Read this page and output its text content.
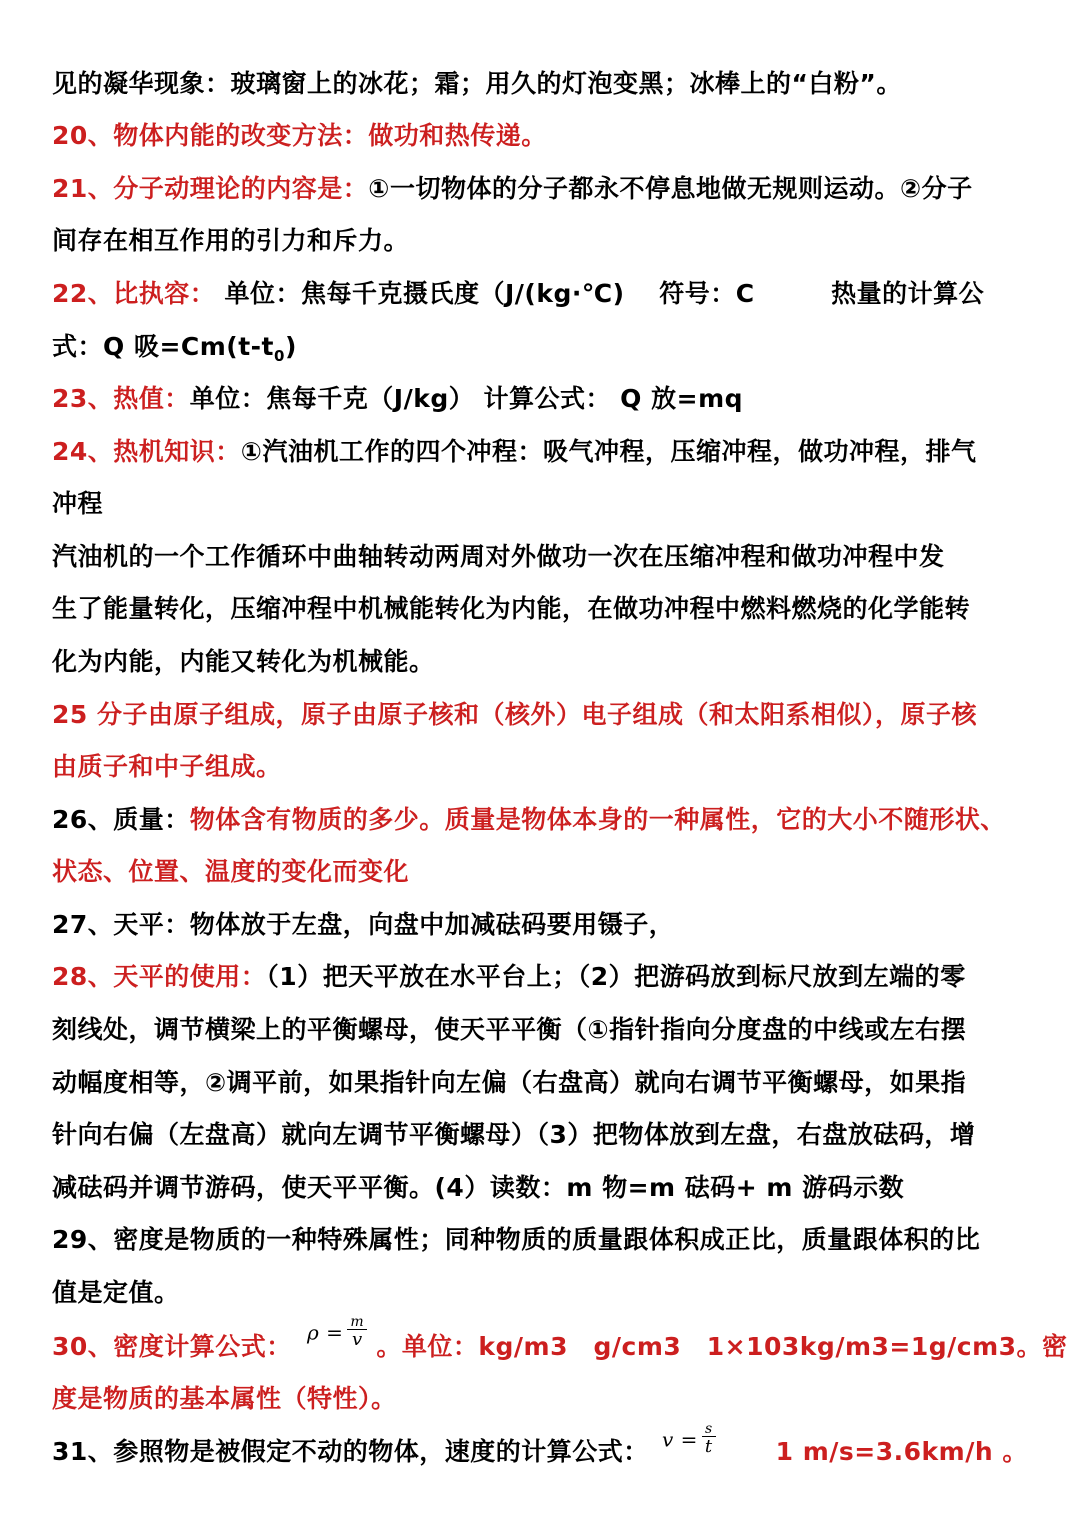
见的凝华现象：玻璃窗上的冰花；霜；用久的灯泡变黑；冰棒上的“白粉”。
20、物体内能的改变方法：做功和热传递。
21、分子动理论的内容是：①一切物体的分子都永不停息地做无规则运动。②分子
间存在相互作用的引力和斥力。
22、比执容： 单位：焦每千克摄氏度（J/(kg·℃)　 符号：C　　　热量的计算公
式：Q 吸$=Cm(t-t_0)$
23、热值：单位：焦每千克（J/kg） 计算公式： Q 放=mq
24、热机知识：①汽油机工作的四个冲程：吸气冲程，压缩冲程，做功冲程，排气
冲程
汽油机的一个工作循环中曲轴转动两周对外做功一次在压缩冲程和做功冲程中发
生了能量转化，压缩冲程中机械能转化为内能，在做功冲程中燃料燃烧的化学能转
化为内能，内能又转化为机械能。
25 分子由原子组成，原子由原子核和（核外）电子组成（和太阳系相似），原子核
由质子和中子组成。
26、质量：物体含有物质的多少。质量是物体本身的一种属性，它的大小不随形状、
状态、位置、温度的变化而变化
27、天平：物体放于左盘，向盘中加减砝码要用镊子，
28、天平的使用：（1）把天平放在水平台上；（2）把游码放到标尺放到左端的零
刻线处，调节横梁上的平衡螺母，使天平平衡（①指针指向分度盘的中线或左右摆
动幅度相等，②调平前，如果指针向左偏（右盘高）就向右调节平衡螺母，如果指
针向右偏（左盘高）就向左调节平衡螺母）（3）把物体放到左盘，右盘放砝码，增
减砝码并调节游码，使天平平衡。(4）读数：m 物=m 砝码+ m 游码示数
29、密度是物质的一种特殊属性；同种物质的质量跟体积成正比，质量跟体积的比
值是定值。
30、密度计算公式： $\rho = \frac{m}{v}$ 。单位：kg/m3　g/cm3　1×103kg/m3=1g/cm3。密
度是物质的基本属性（特性）。
31、参照物是被假定不动的物体，速度的计算公式： $v = \frac{s}{t} 1$ m/s=3.6km/h 。
